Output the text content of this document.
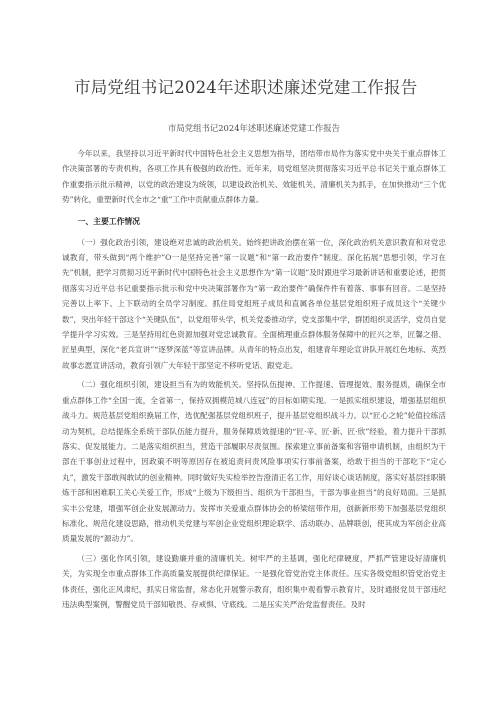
市局党组书记2024年述职述廉述党建工作报告
市局党组书记2024年述职述廉述党建工作报告

今年以来，我坚持以习近平新时代中国特色社会主义思想为指导，团结带市局作为落实党中央关于重点群体工作决策部署的专责机构，各项工作具有极强的政治性。近年来，局党组坚决贯彻落实习近平总书记关于重点群体工作重要指示批示精神，以党的政治建设为统领，以建设政治机关、效能机关、清廉机关为抓手，在加快推动“三个优势”转化，重塑新时代全市之“重”工作中贡献重点群体力量。

一、主要工作情况

（一）强化政治引领，建设绝对忠诚的政治机关。始终把讲政治摆在第一位，深化政治机关意识教育和对党忠诚教育，带头做到“两个维护”O一是坚持完善“第一议题”和“第一政治要件”制度。深化拓展“思想引领，学习在先”机制，把学习贯彻习近平新时代中国特色社会主义思想作为“第一议题”及时跟进学习最新讲话和重要论述，把贯彻落实习近平总书记重要指示批示和党中央决策部署作为“第一政治要件”确保件件有着落、事事有回音。二是坚持完善以上率下、上下联动的全员学习制度。抓住局党组班子成员和直属各单位基层党组织班子成员这个“关键少数”，突出年轻干部这个“关键队伍”，以党组带头学，机关党委推动学，党支部集中学，群团组织灵活学，党员自觉学提升学习实效。三是坚持用红色资源加强对党忠诚教育。全面梳理重点群体服务保障中的匠兴之举，匠馨之措、匠星典型，深化“老兵宣讲”“逐梦深蓝”等宣讲品牌。从青年的特点出发，组建青年理论宣讲队开展红色地标、英烈故事志愿宣讲活动，教育引领广大年轻干部坚定不移听党话、跟党走。

（二）强化组织引领，建设担当有为的效能机关。坚持队伍提神、工作提速、管理提效、服务提质，确保全市重点群体工作“全国一流，全省第一，保持双拥模范城八连冠”的目标如期实现。一是抓实组织建设，增强基层组织战斗力。规范基层党组织换届工作，选优配强基层党组织班子，提升基层党组织战斗力。以“匠心之轮”轮值拉练活动为契机，总结提炼全系统干部队伍能力提升，服务保障质效提速的“匠·辛、匠·新、匠·欣”经验，着力提升干部抓落实、促发展能力。二是落实组织担当，营造干部履职尽责氛围。探索建立事前备案和容错申请机制，由组织为干部在干事创业过程中，因政策不明等原因存在被追责问责风险事项实行事前备案，给敢于担当的干部吃下“定心丸”，激发干部敢闯敢试的创业精神。同时做好失实检举控告澄清正名工作，用好谈心谈话制度，落实好基层挂职锻炼干部和困难职工关心关爱工作，形成“上级为下级担当、组织为干部担当，干部为事业担当”的良好局面。三是抓实丰公党建，增强军创企业发展源动力。发挥市关爱重点群体协会的桥梁纽带作用，创新新形势下加强基层党组织标准化、规范化建设思路，推动机关党建与军创企业党组织理论联学、活动联办、品牌联创，使其成为军创企业高质量发展的“源动力”。

（三）强化作风引领，建设勤廉并重的清廉机关。树牢严的主基调，强化纪律硬度，严抓严管建设好清廉机关，为实现全市重点群体工作高质量发展提供纪律保证。一是强化管党治党主体责任。压实各级党组织管党治党主体责任，强化正风肃纪，抓实日常监督，常态化开展警示教育，组织集中观看警示教育片，及时通报党员干部违纪违法典型案例，警醒党员干部知敬畏、存戒惧、守底线。二是压实关严治党监督责任。及时
